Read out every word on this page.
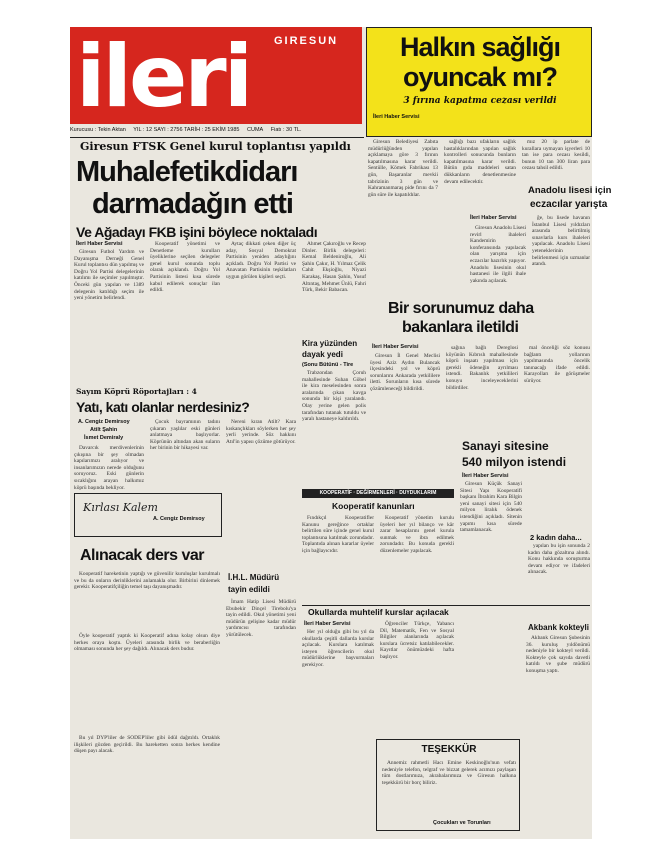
GIRESUN
ileri
Kurucusu : Tekin Aktan YIL : 12 SAYI : 2756 TARİH : 25 EKİM 1985 CUMA Fiatı : 30 TL.
Halkın sağlığı
oyuncak mı?
3 fırına kapatma cezası verildi
İleri Haber Servisi

Giresun Belediyesi Zabıta müdürlüğünden yapılan açıklamaya göre 3 fırının kapatılmasına karar verildi. Sentülle, Kömek Fabrikası 13 gün, Başaranlar mevkii tabrizinin 3 gün ve Kahramanmaraş pide fırını da 7 gün süre ile kapatıldılar.

sağlığı bazı ufakların sağlık hastalıklarından yapılan sağlık kontrolleri sonucunda bunların kapatılmasına karar verildi. Bütün gıda maddeleri satan dükkanların denetlenmesine devam edilecektir.

mız 20 ip parlate de kurallara uymayan işyerleri 10 tan ise para cezası kesildi, bunun 10 tan 300 liran para cezası tahsil edildi.

Anadolu lisesi için
eczacılar yarışta
İleri Haber Servisi

Giresun Anadolu Lisesi revirl ihaleleri Kandemirin konferansında yapılacak olan yarışma için eczacılar hazırlık yapıyor. Anadolu lisesinin okul hastanesi ile ilgili ihale yakında açılacak.

ğe, bu lisede havanın İstanbul Lisesi yıldızları arasında belirtilmiş sınavlarla kurs ihaleleri yapılacak. Anadolu Lisesi yeteneklerinin belirlenmesi için uzmanlar atandı.

Giresun FTSK Genel kurul toplantısı yapıldı
Muhalefetikdidarı
darmadağın etti
Ve Ağadayı FKB işini böylece noktaladı
İleri Haber Servisi

Giresun Futbol Yardım ve Dayanışma Derneği Genel Kurul toplantısı dün yapılmış ve Doğru Yol Partisi delegelerinin katılımı ile seçimler yapılmıştır. Önceki gün yapılan ve 1389 delegenin katıldığı seçim ile yeni yönetim belirlendi.

Kooperatif yönetimi ve Denetleme kurulları üyeliklerine seçilen delegeler genel kurul sonunda toplu olarak açıklandı. Doğru Yol Partisinin listesi kısa sürede kabul edilerek sonuçlar ilan edildi.

Aytaç dikkati çeken diğer üç aday, Sosyal Demokrat Partisinin yeniden adaylığını açıkladı. Doğru Yol Partisi ve Anavatan Partisinin teşkilatları uygun görülen kişileri seçti.

Ahmet Çakıroğlu ve Recep Dinler. Birlik delegeleri: Kemal Beldeniroğlu, Ali Şahin Çakır, H. Yılmaz Çelik Cahit Ekşioğlu, Niyazi Karakaş, Hasan Şahin, Yusuf Altıntaş, Mehmet Ünlü, Fahri Türk, Bekir Babacan.

Kira yüzünden
dayak yedi
(Sonu Bütünü - Tire

Trabzondan Çoruh mahallesinde Suhan Göbel ile kira meselesinden sonra aralarında çıkan kavga sonunda bir kişi yaralandı. Olay yerine gelen polis tarafından tutanak tutuldu ve yaralı hastaneye kaldırıldı.

Bir sorunumuz daha
bakanlara iletildi
İleri Haber Servisi

Giresun İl Genel Meclisi üyesi Aziz Aydın Bulancak ilçesindeki yol ve köprü sorunlarını Ankarada yetkililere iletti. Sorunların kısa sürede çözümleneceği bildirildi.

sağına bağlı Dereglosi köyünün Kıbrıslı mahallesinde köprü inşaatı yapılması için gerekli ödeneğin ayrılması istendi. Bakanlık yetkilileri konuyu inceleyeceklerini bildirdiler.

mal önceliği söz konusu bağlantı yollarının yapılmasında öncelik tanınacağı ifade edildi. Karayolları ile görüşmeler sürüyor.

Sayım Köprü Röportajları : 4
Yatı, katı olanlar nerdesiniz?
A. Cengiz Demirsoy
Atilt Şahin
İsmet Demiraly

Davarcık merdivenlerinin çıkışına bir şey olmadan kapılarımızı aralıyor ve insanlarımızın nerede olduğunu soruyoruz. Eski günlerin sıcaklığını arayan halkımız köprü başında bekliyor.

Çocuk bayramının tadını çıkaran yaşlılar eski günleri anlatmaya başlıyorlar. Köprünün altından akan suların her birinin bir hikayesi var.

Nereni kıran Atilt? Kara kıskançlıkları söylerken her şey yerli yerinde. Söz hakkını Atıl'in yapısı çözüme götürüyor.

Kırlası Kalem
A. Cengiz Demirsoy
Alınacak ders var

Kooperatif hareketinin yaptığı ve güvenilir kuruluşlar kurulmalı ve bu da onların derinliklerini anlamakla olur. Birbirini dinlemek gerekir. Kooperatifçiliğin temel taşı dayanışmadır.

Öyle kooperatif yaptık ki Kooperatif adına kolay olsun diye herkes oraya koştu. Üyeleri arasında birlik ve beraberliğin olmaması sonunda her şey dağıldı. Alınacak ders budur.

Bu yıl DYP'liler de SODEP'liler gibi ödül dağıtıldı. Ortaklık ilişkileri gözden geçirildi. Bu hareketten sonra herkes kendine düşen payı alacak.

KOOPERATİF · DEĞİRMENLERİ · DUYDUKLARIM
Kooperatif kanunları

Fındıkçıl Kooperatifler Kanunu gereğince ortaklar belirtilen süre içinde genel kurul toplantısına katılmak zorundadır. Toplantıda alınan kararlar üyeler için bağlayıcıdır.

Kooperatif yönetim kurulu üyeleri her yıl bilanço ve kâr zarar hesaplarını genel kurula sunmak ve ibra edilmek zorundadır. Bu konuda gerekli düzenlemeler yapılacak.

Sanayi sitesine
540 milyon istendi
İleri Haber Servisi

Giresun Küçük Sanayi Sitesi Yapı Kooperatifi başkanı İbrahim Kara Bilgin yeni sanayi sitesi için 540 milyon liralık ödenek istendiğini açıkladı. Sitenin yapımı kısa sürede tamamlanacak.

2 kadın daha...

yapılan bu işin sonunda 2 kadın daha gözaltına alındı. Konu hakkında soruşturma devam ediyor ve ifadeleri alınacak.

İ.H.L. Müdürü
tayin edildi

İmam Hatip Lisesi Müdürü Ebubekir Dinçel Tirebolu'ya tayin edildi. Okul yönetimi yeni müdürün gelişine kadar müdür yardımcısı tarafından yürütülecek.

Okullarda muhtelif kurslar açılacak
İleri Haber Servisi

Her yıl olduğu gibi bu yıl da okullarda çeşitli dallarda kurslar açılacak. Kurslara katılmak isteyen öğrencilerin okul müdürlüklerine başvurmaları gerekiyor.

Öğrenciler Türkçe, Yabancı Dil, Matematik, Fen ve Sosyal Bilgiler alanlarında açılacak kurslara ücretsiz katılabilecekler. Kayıtlar önümüzdeki hafta başlıyor.

Akbank kokteyli

Akbank Giresun Şubesinin 36. kuruluş yıldönümü nedeniyle bir kokteyl verildi. Kokteyle çok sayıda davetli katıldı ve şube müdürü konuşma yaptı.

TEŞEKKÜR

Annemiz rahmetli Hacı Emine Keskinoğlu'nun vefatı nedeniyle telefon, telgraf ve bizzat gelerek acımızı paylaşan tüm dostlarımıza, akrabalarımıza ve Giresun halkına teşekkürü bir borç biliriz.

Çocukları ve Torunları
